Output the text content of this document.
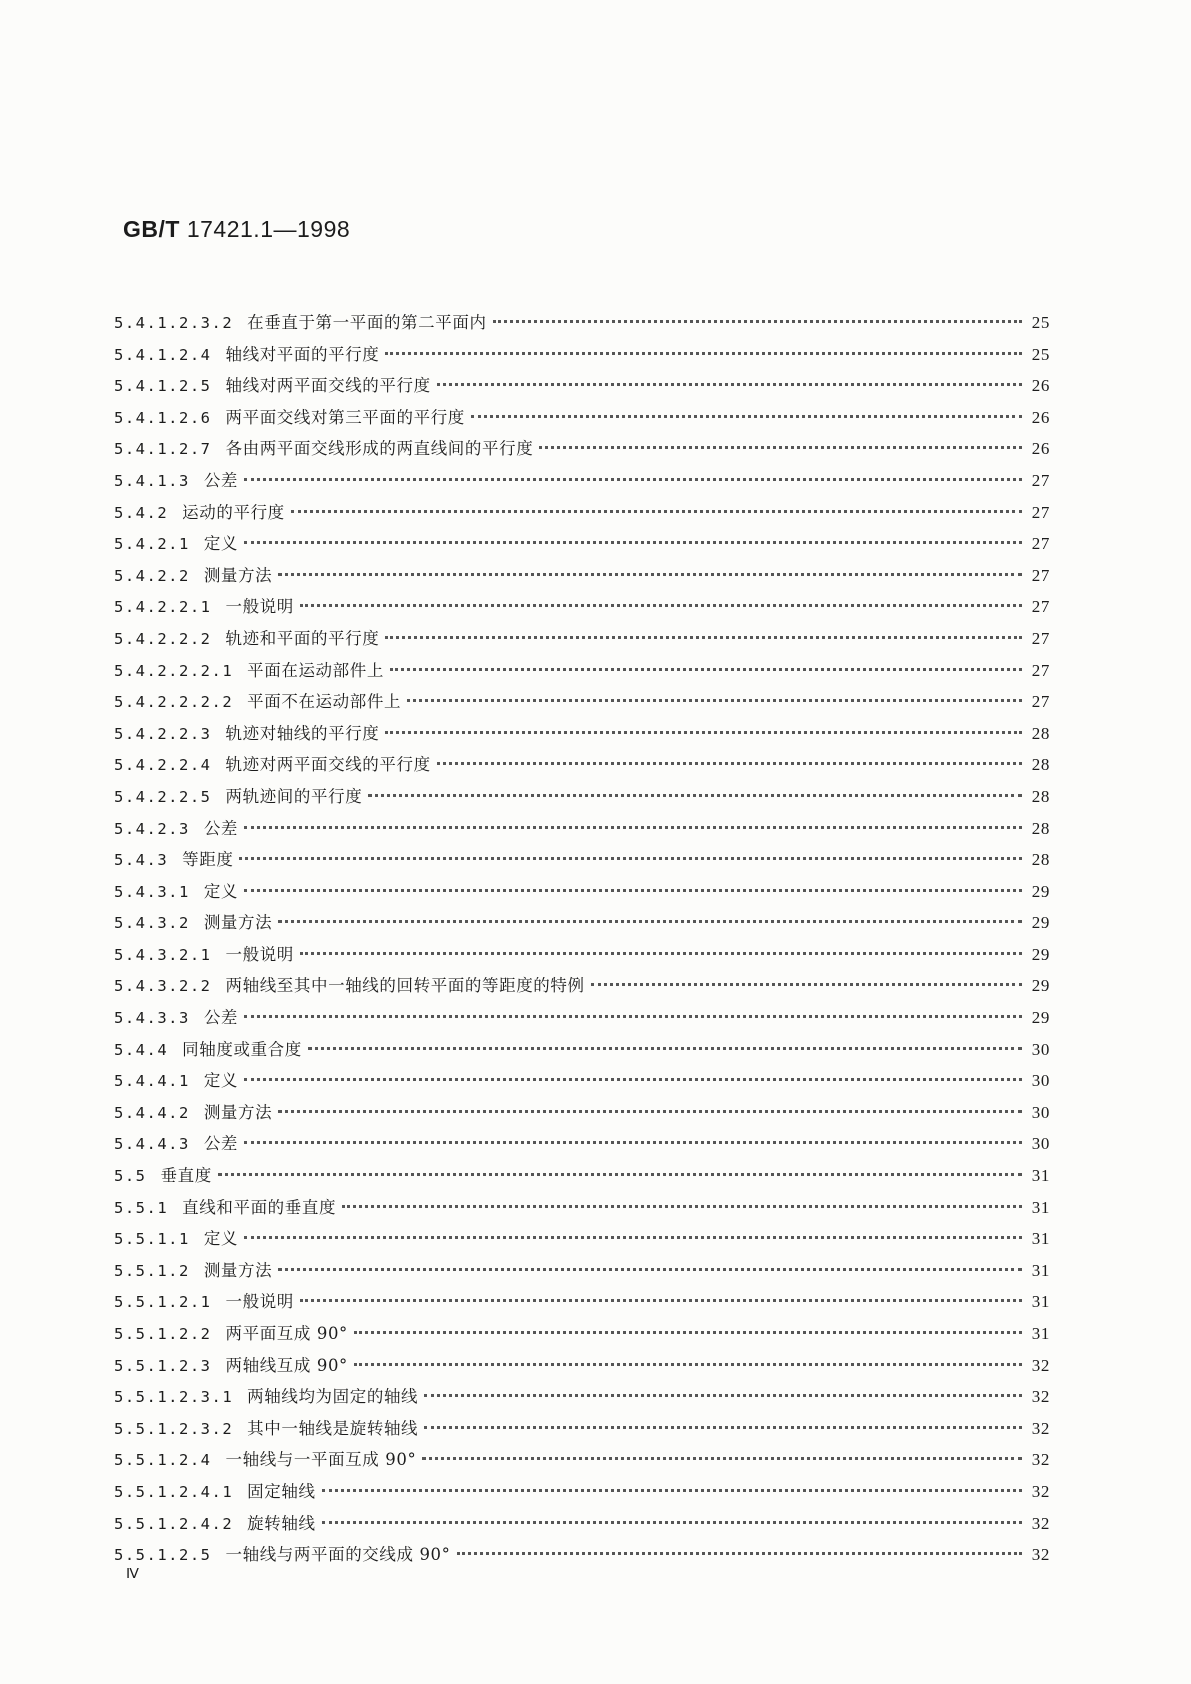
GB/T 17421.1—1998
5.4.1.2.3.2 在垂直于第一平面的第二平面内	25
5.4.1.2.4 轴线对平面的平行度	25
5.4.1.2.5 轴线对两平面交线的平行度	26
5.4.1.2.6 两平面交线对第三平面的平行度	26
5.4.1.2.7 各由两平面交线形成的两直线间的平行度	26
5.4.1.3 公差	27
5.4.2 运动的平行度	27
5.4.2.1 定义	27
5.4.2.2 测量方法	27
5.4.2.2.1 一般说明	27
5.4.2.2.2 轨迹和平面的平行度	27
5.4.2.2.2.1 平面在运动部件上	27
5.4.2.2.2.2 平面不在运动部件上	27
5.4.2.2.3 轨迹对轴线的平行度	28
5.4.2.2.4 轨迹对两平面交线的平行度	28
5.4.2.2.5 两轨迹间的平行度	28
5.4.2.3 公差	28
5.4.3 等距度	28
5.4.3.1 定义	29
5.4.3.2 测量方法	29
5.4.3.2.1 一般说明	29
5.4.3.2.2 两轴线至其中一轴线的回转平面的等距度的特例	29
5.4.3.3 公差	29
5.4.4 同轴度或重合度	30
5.4.4.1 定义	30
5.4.4.2 测量方法	30
5.4.4.3 公差	30
5.5 垂直度	31
5.5.1 直线和平面的垂直度	31
5.5.1.1 定义	31
5.5.1.2 测量方法	31
5.5.1.2.1 一般说明	31
5.5.1.2.2 两平面互成 90°	31
5.5.1.2.3 两轴线互成 90°	32
5.5.1.2.3.1 两轴线均为固定的轴线	32
5.5.1.2.3.2 其中一轴线是旋转轴线	32
5.5.1.2.4 一轴线与一平面互成 90°	32
5.5.1.2.4.1 固定轴线	32
5.5.1.2.4.2 旋转轴线	32
5.5.1.2.5 一轴线与两平面的交线成 90°	32
Ⅳ
